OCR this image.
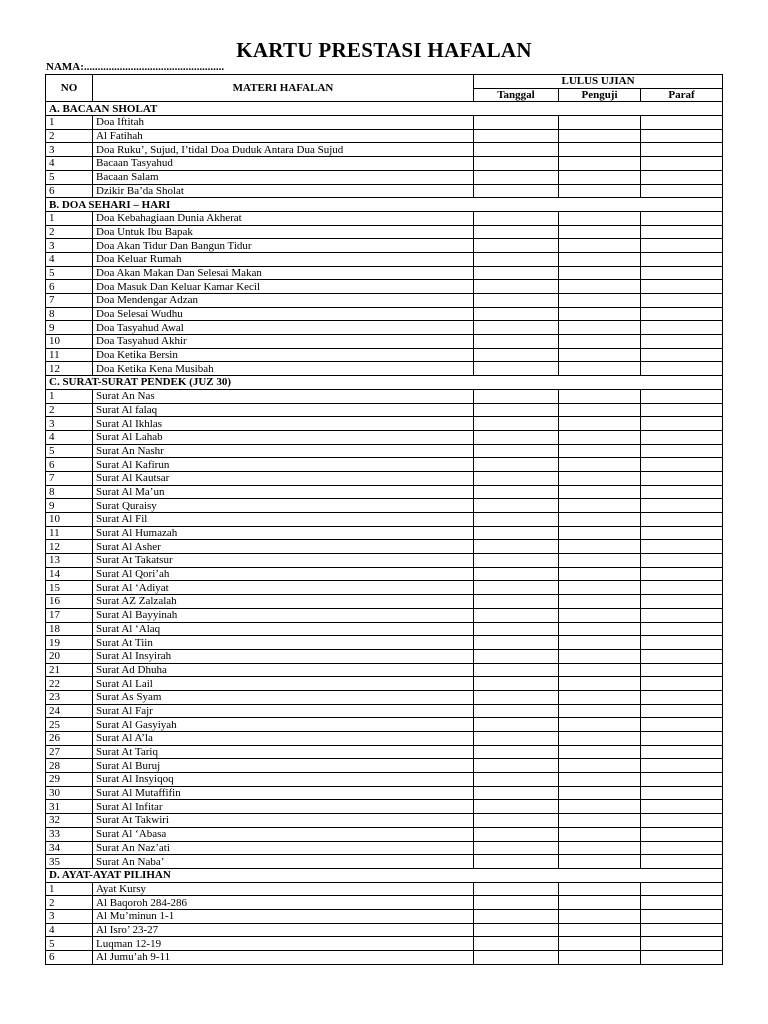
KARTU PRESTASI HAFALAN
NAMA:...................................................
NO	MATERI HAFALAN	LULUS UJIAN		
		Tanggal	Penguji	Paraf
A. BACAAN SHOLAT				
1	Doa Iftitah			
2	Al Fatihah			
3	Doa Ruku’, Sujud, I’tidal Doa Duduk Antara Dua Sujud			
4	Bacaan Tasyahud			
5	Bacaan Salam			
6	Dzikir Ba’da Sholat			
B. DOA SEHARI – HARI				
1	Doa Kebahagiaan Dunia Akherat			
2	Doa Untuk Ibu Bapak			
3	Doa Akan Tidur Dan Bangun Tidur			
4	Doa Keluar Rumah			
5	Doa Akan Makan Dan Selesai Makan			
6	Doa Masuk Dan Keluar Kamar Kecil			
7	Doa Mendengar Adzan			
8	Doa Selesai Wudhu			
9	Doa Tasyahud Awal			
10	Doa Tasyahud Akhir			
11	Doa Ketika Bersin			
12	Doa Ketika Kena Musibah			
C. SURAT-SURAT PENDEK (JUZ 30)				
1	Surat An Nas			
2	Surat Al falaq			
3	Surat Al Ikhlas			
4	Surat Al Lahab			
5	Surat An Nashr			
6	Surat Al Kafirun			
7	Surat Al Kautsar			
8	Surat Al Ma’un			
9	Surat Quraisy			
10	Surat Al Fil			
11	Surat Al Humazah			
12	Surat Al Asher			
13	Surat At Takatsur			
14	Surat Al Qori’ah			
15	Surat Al ‘Adiyat			
16	Surat AZ Zalzalah			
17	Surat Al Bayyinah			
18	Surat Al ‘Alaq			
19	Surat At Tiin			
20	Surat Al Insyirah			
21	Surat Ad Dhuha			
22	Surat Al Lail			
23	Surat As Syam			
24	Surat Al Fajr			
25	Surat Al Gasyiyah			
26	Surat Al A’la			
27	Surat At Tariq			
28	Surat Al Buruj			
29	Surat Al Insyiqoq			
30	Surat Al Mutaffifin			
31	Surat Al Infitar			
32	Surat At Takwiri			
33	Surat Al ‘Abasa			
34	Surat An Naz’ati			
35	Surat An Naba’			
D. AYAT-AYAT PILIHAN				
1	Ayat Kursy			
2	Al Baqoroh 284-286			
3	Al Mu’minun 1-1			
4	Al Isro’ 23-27			
5	Luqman 12-19			
6	Al Jumu’ah 9-11			
